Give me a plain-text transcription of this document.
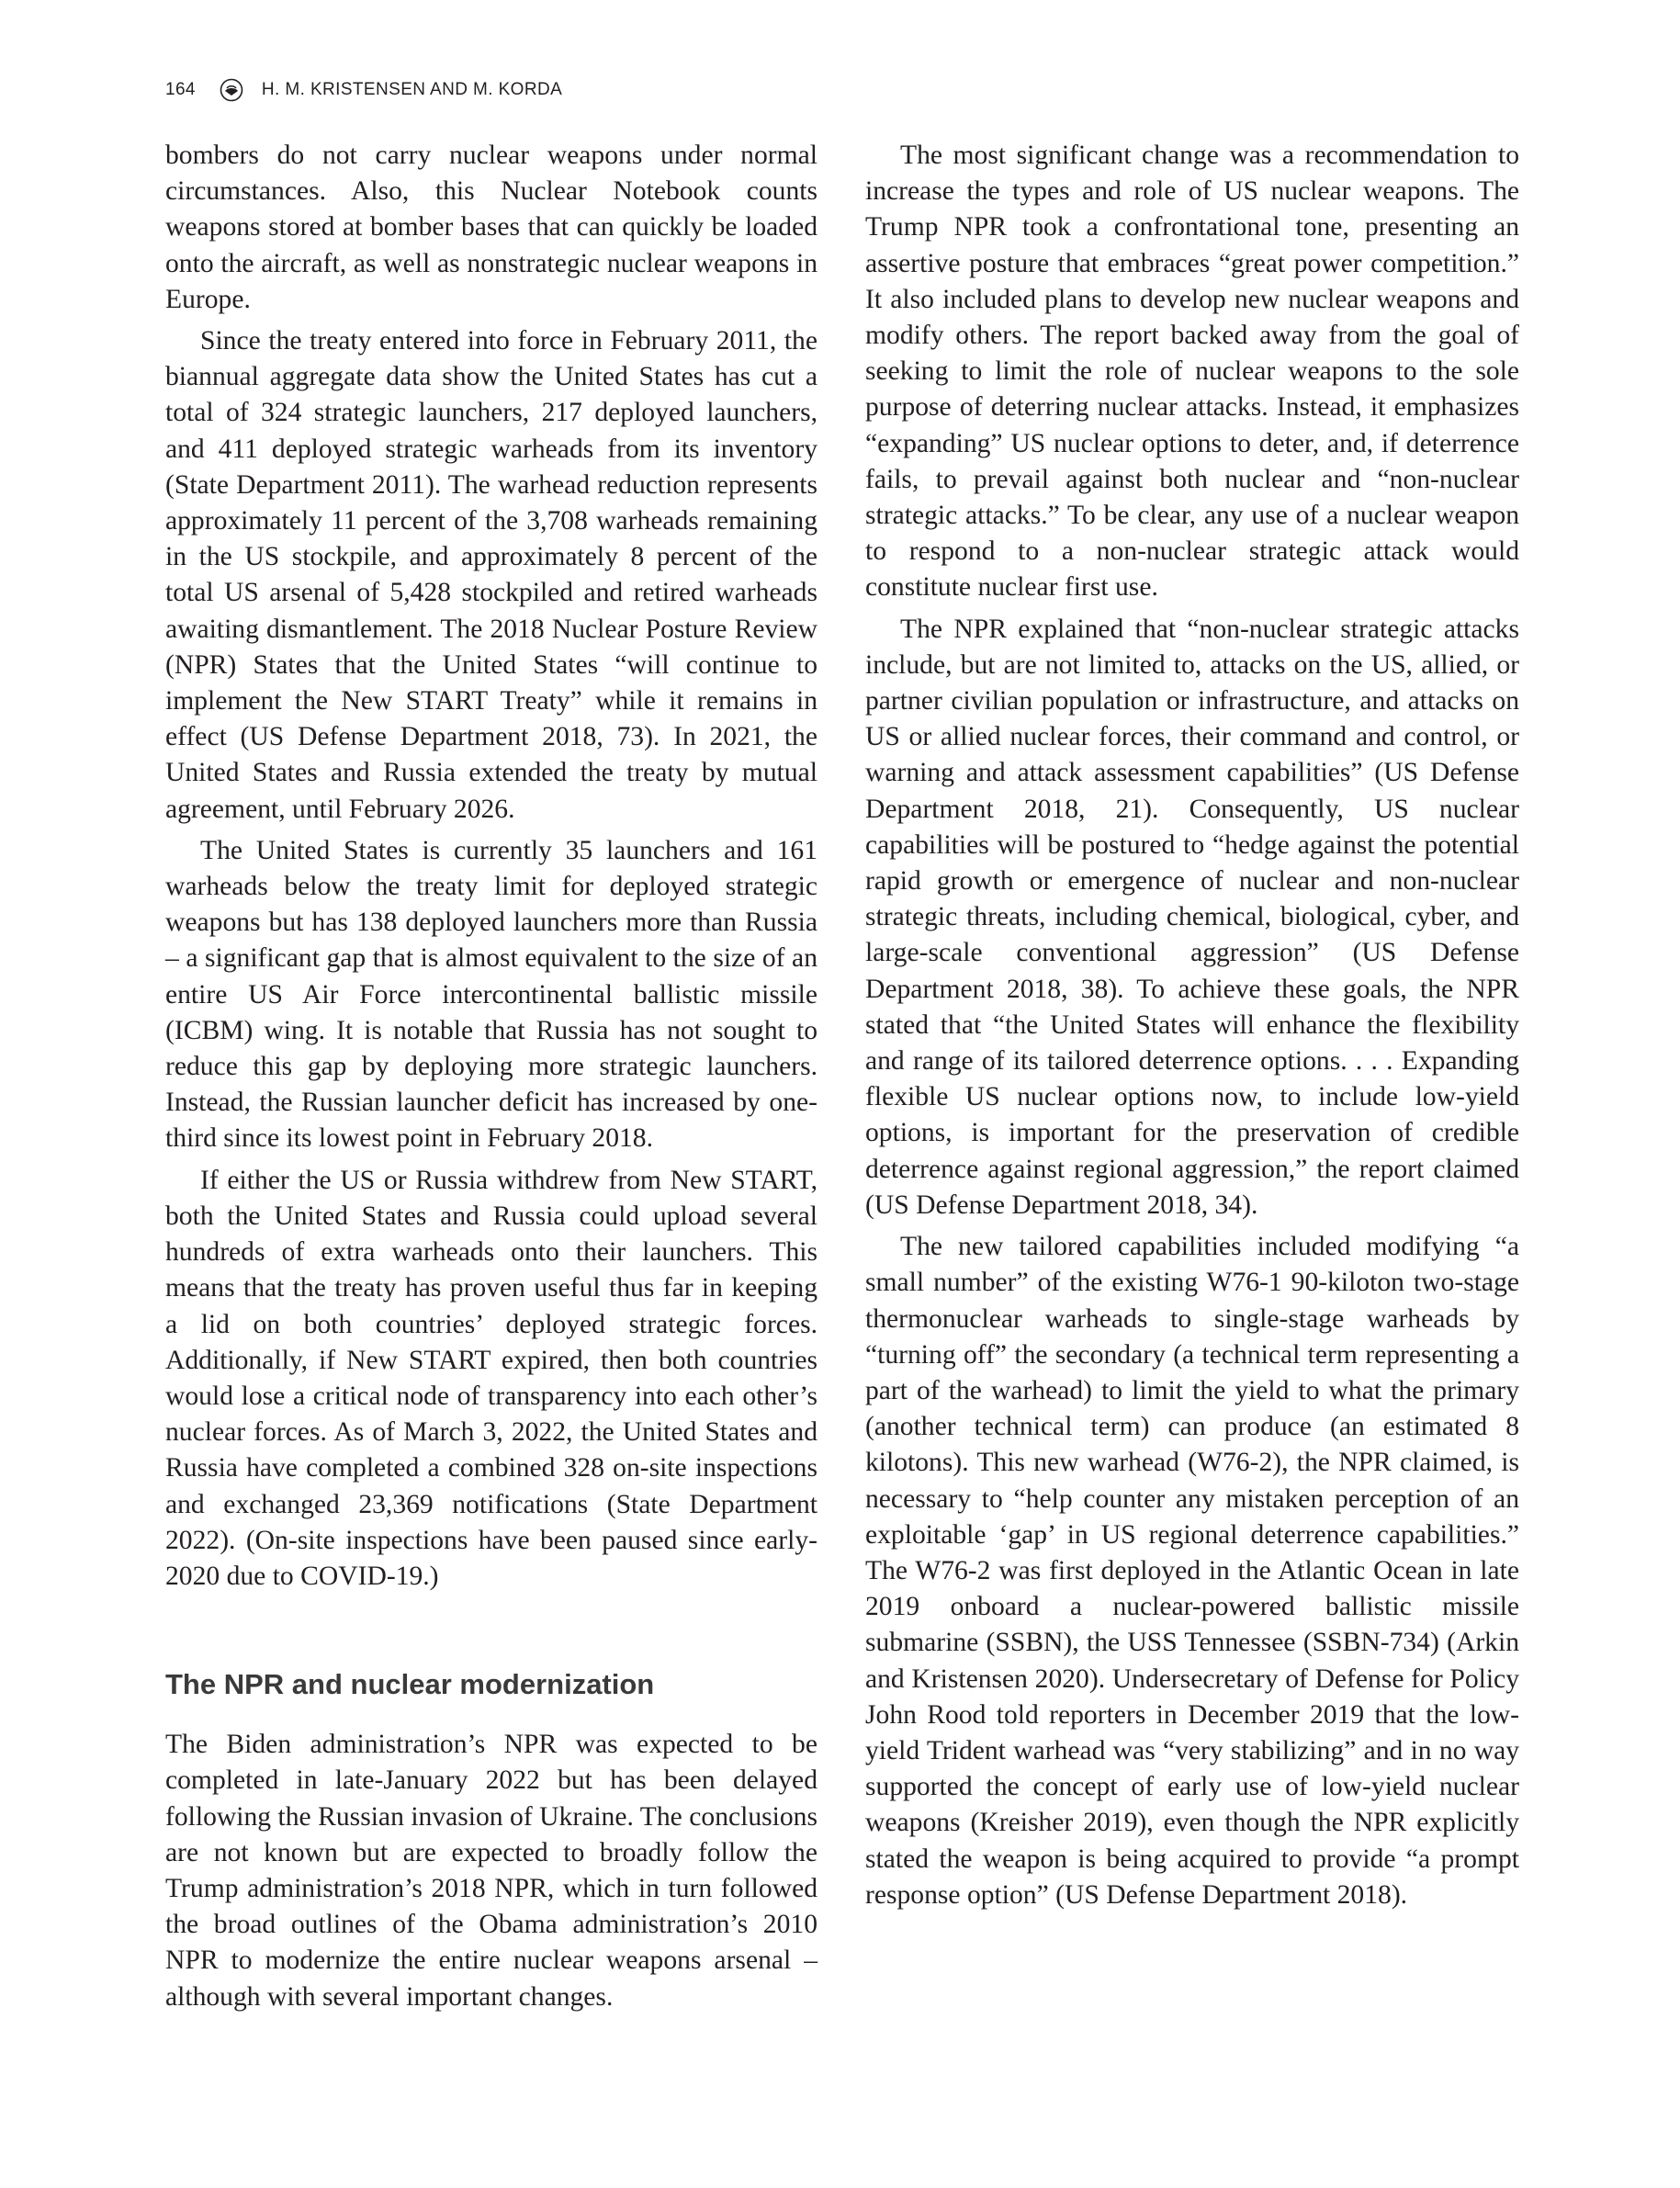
164	H. M. KRISTENSEN AND M. KORDA

bombers do not carry nuclear weapons under normal circumstances. Also, this Nuclear Notebook counts weapons stored at bomber bases that can quickly be loaded onto the aircraft, as well as nonstrategic nuclear weapons in Europe.

Since the treaty entered into force in February 2011, the biannual aggregate data show the United States has cut a total of 324 strategic launchers, 217 deployed launchers, and 411 deployed strategic warheads from its inventory (State Department 2011). The warhead reduction represents approximately 11 percent of the 3,708 warheads remaining in the US stockpile, and approximately 8 percent of the total US arsenal of 5,428 stockpiled and retired warheads awaiting dismantlement. The 2018 Nuclear Posture Review (NPR) States that the United States “will continue to implement the New START Treaty” while it remains in effect (US Defense Department 2018, 73). In 2021, the United States and Russia extended the treaty by mutual agreement, until February 2026.

The United States is currently 35 launchers and 161 warheads below the treaty limit for deployed strategic weapons but has 138 deployed launchers more than Russia – a significant gap that is almost equivalent to the size of an entire US Air Force intercontinental ballistic missile (ICBM) wing. It is notable that Russia has not sought to reduce this gap by deploying more strategic launchers. Instead, the Russian launcher deficit has increased by one-third since its lowest point in February 2018.

If either the US or Russia withdrew from New START, both the United States and Russia could upload several hundreds of extra warheads onto their launchers. This means that the treaty has proven useful thus far in keeping a lid on both countries’ deployed strategic forces. Additionally, if New START expired, then both countries would lose a critical node of transparency into each other’s nuclear forces. As of March 3, 2022, the United States and Russia have completed a combined 328 on-site inspections and exchanged 23,369 notifications (State Department 2022). (On-site inspections have been paused since early-2020 due to COVID-19.)

The NPR and nuclear modernization

The Biden administration’s NPR was expected to be completed in late-January 2022 but has been delayed following the Russian invasion of Ukraine. The conclusions are not known but are expected to broadly follow the Trump administration’s 2018 NPR, which in turn followed the broad outlines of the Obama administration’s 2010 NPR to modernize the entire nuclear weapons arsenal – although with several important changes.

The most significant change was a recommendation to increase the types and role of US nuclear weapons. The Trump NPR took a confrontational tone, presenting an assertive posture that embraces “great power competition.” It also included plans to develop new nuclear weapons and modify others. The report backed away from the goal of seeking to limit the role of nuclear weapons to the sole purpose of deterring nuclear attacks. Instead, it emphasizes “expanding” US nuclear options to deter, and, if deterrence fails, to prevail against both nuclear and “non-nuclear strategic attacks.” To be clear, any use of a nuclear weapon to respond to a non-nuclear strategic attack would constitute nuclear first use.

The NPR explained that “non-nuclear strategic attacks include, but are not limited to, attacks on the US, allied, or partner civilian population or infrastructure, and attacks on US or allied nuclear forces, their command and control, or warning and attack assessment capabilities” (US Defense Department 2018, 21). Consequently, US nuclear capabilities will be postured to “hedge against the potential rapid growth or emergence of nuclear and non-nuclear strategic threats, including chemical, biological, cyber, and large-scale conventional aggression” (US Defense Department 2018, 38). To achieve these goals, the NPR stated that “the United States will enhance the flexibility and range of its tailored deterrence options. . . . Expanding flexible US nuclear options now, to include low-yield options, is important for the preservation of credible deterrence against regional aggression,” the report claimed (US Defense Department 2018, 34).

The new tailored capabilities included modifying “a small number” of the existing W76-1 90-kiloton two-stage thermonuclear warheads to single-stage warheads by “turning off” the secondary (a technical term representing a part of the warhead) to limit the yield to what the primary (another technical term) can produce (an estimated 8 kilotons). This new warhead (W76-2), the NPR claimed, is necessary to “help counter any mistaken perception of an exploitable ‘gap’ in US regional deterrence capabilities.” The W76-2 was first deployed in the Atlantic Ocean in late 2019 onboard a nuclear-powered ballistic missile submarine (SSBN), the USS Tennessee (SSBN-734) (Arkin and Kristensen 2020). Undersecretary of Defense for Policy John Rood told reporters in December 2019 that the low-yield Trident warhead was “very stabilizing” and in no way supported the concept of early use of low-yield nuclear weapons (Kreisher 2019), even though the NPR explicitly stated the weapon is being acquired to provide “a prompt response option” (US Defense Department 2018).
